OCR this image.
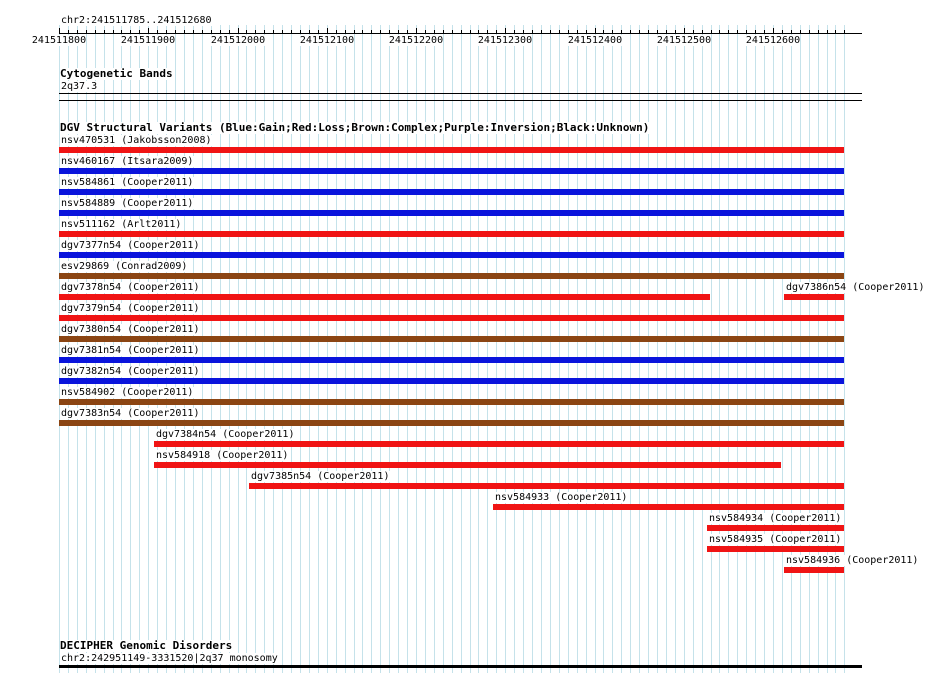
chr2:241511785..241512680
241511800	241511900	241512000	241512100	241512200	241512300	241512400	241512500	241512600
Cytogenetic Bands
2q37.3
DGV Structural Variants (Blue:Gain;Red:Loss;Brown:Complex;Purple:Inversion;Black:Unknown)
nsv470531 (Jakobsson2008)
nsv460167 (Itsara2009)
nsv584861 (Cooper2011)
nsv584889 (Cooper2011)
nsv511162 (Arlt2011)
dgv7377n54 (Cooper2011)
esv29869 (Conrad2009)
dgv7378n54 (Cooper2011)	dgv7386n54 (Cooper2011)
dgv7379n54 (Cooper2011)
dgv7380n54 (Cooper2011)
dgv7381n54 (Cooper2011)
dgv7382n54 (Cooper2011)
nsv584902 (Cooper2011)
dgv7383n54 (Cooper2011)
dgv7384n54 (Cooper2011)
nsv584918 (Cooper2011)
dgv7385n54 (Cooper2011)
nsv584933 (Cooper2011)
nsv584934 (Cooper2011)
nsv584935 (Cooper2011)
nsv584936 (Cooper2011)
DECIPHER Genomic Disorders
chr2:242951149-3331520|2q37 monosomy
